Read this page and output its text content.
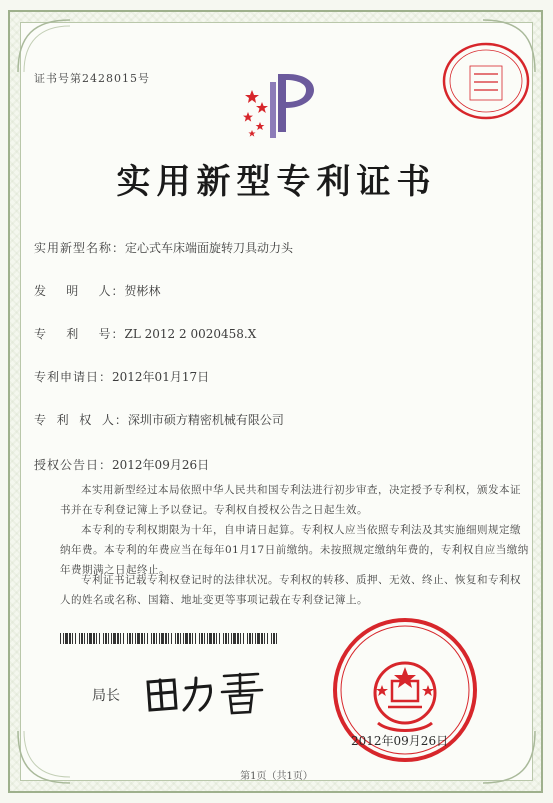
证书号第2428015号
实用新型专利证书
实用新型名称：定心式车床端面旋转刀具动力头
发    明    人：贺彬林
专    利    号：ZL 2012 2 0020458.X
专利申请日：2012年01月17日
专  利  权  人：深圳市硕方精密机械有限公司
授权公告日：2012年09月26日
本实用新型经过本局依照中华人民共和国专利法进行初步审查，决定授予专利权，颁发本证书并在专利登记簿上予以登记。专利权自授权公告之日起生效。
本专利的专利权期限为十年，自申请日起算。专利权人应当依照专利法及其实施细则规定缴纳年费。本专利的年费应当在每年01月17日前缴纳。未按照规定缴纳年费的，专利权自应当缴纳年费期满之日起终止。
专利证书记载专利权登记时的法律状况。专利权的转移、质押、无效、终止、恢复和专利权人的姓名或名称、国籍、地址变更等事项记载在专利登记簿上。
局长
2012年09月26日
第1页（共1页）
